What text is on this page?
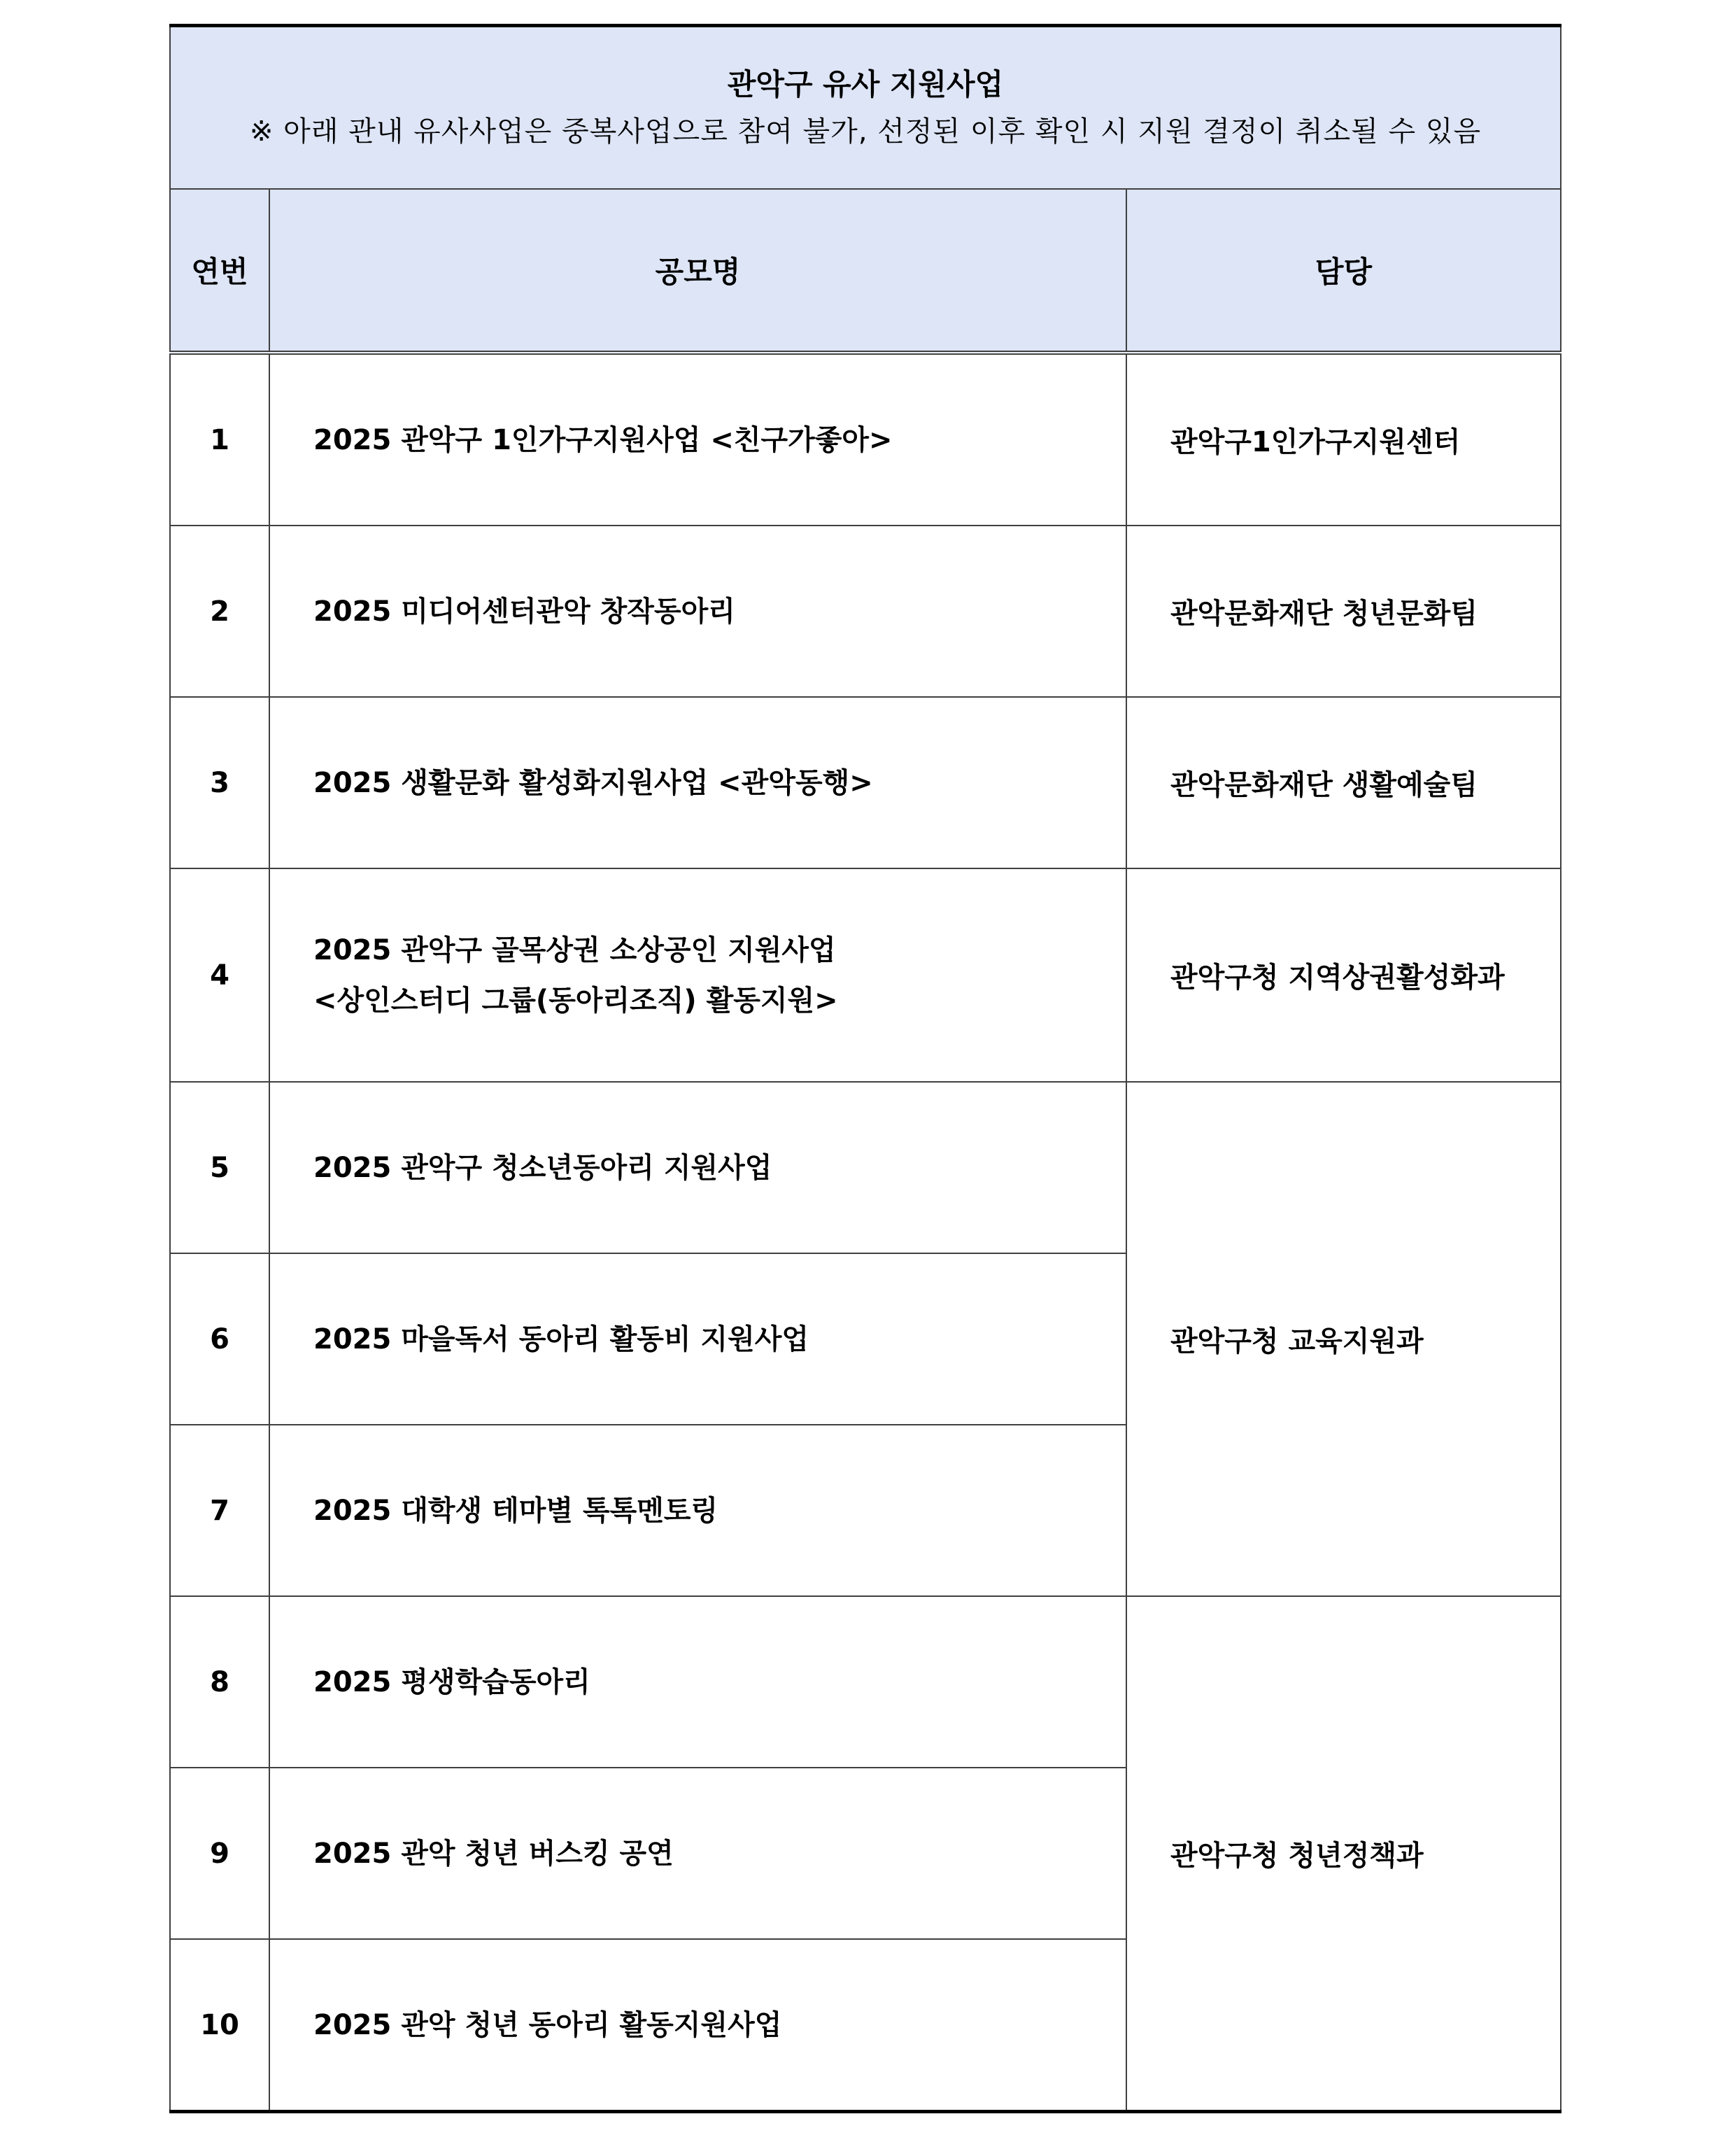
관악구 유사 지원사업
※ 아래 관내 유사사업은 중복사업으로 참여 불가, 선정된 이후 확인 시 지원 결정이 취소될 수 있음		

연번	공모명	담당
1	2025 관악구 1인가구지원사업 <친구가좋아>	관악구1인가구지원센터
2	2025 미디어센터관악 창작동아리	관악문화재단 청년문화팀
3	2025 생활문화 활성화지원사업 <관악동행>	관악문화재단 생활예술팀
4	2025 관악구 골목상권 소상공인 지원사업
<상인스터디 그룹(동아리조직) 활동지원>	관악구청 지역상권활성화과
5	2025 관악구 청소년동아리 지원사업	관악구청 교육지원과
6	2025 마을독서 동아리 활동비 지원사업	
7	2025 대학생 테마별 톡톡멘토링	
8	2025 평생학습동아리	관악구청 청년정책과
9	2025 관악 청년 버스킹 공연	
10	2025 관악 청년 동아리 활동지원사업	
